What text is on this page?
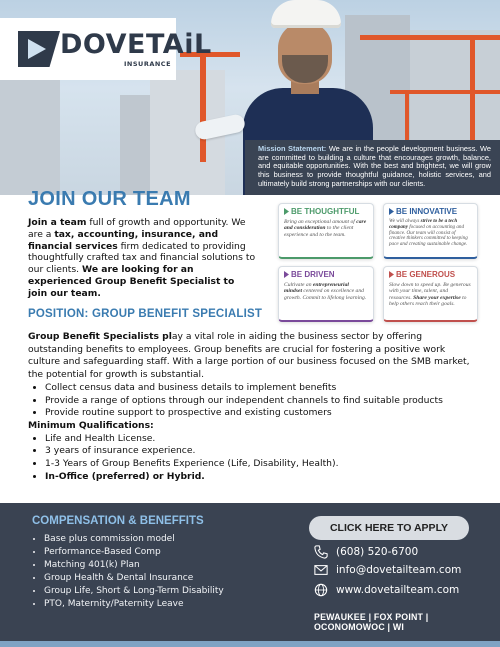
DOVETAiL
INSURANCE
Mission Statement: We are in the people development business. We are committed to building a culture that encourages growth, balance, and equitable opportunities. With the best and brightest, we will grow this business to provide thoughtful guidance, holistic services, and ultimately build strong partnerships with our clients.
JOIN OUR TEAM
Join a team full of growth and opportunity. We are a tax, accounting, insurance, and financial services firm dedicated to providing thoughtfully crafted tax and financial solutions to our clients. We are looking for an experienced Group Benefit Specialist to join our team.
BE THOUGHTFUL
Bring an exceptional amount of care and consideration to the client experience and to the team.
BE INNOVATIVE
We will always strive to be a tech company focused on accounting and finance. Our team will consist of creative thinkers committed to keeping pace and creating sustainable change.
BE DRIVEN
Cultivate an entrepreneurial mindset centered on excellence and growth. Commit to lifelong learning.
BE GENEROUS
Slow down to speed up. Be generous with your time, talent, and resources. Share your expertise to help others reach their goals.
POSITION: GROUP BENEFIT SPECIALIST

Group Benefit Specialists play a vital role in aiding the business sector by offering outstanding benefits to employees. Group benefits are crucial for fostering a positive work culture and safeguarding staff. With a large portion of our business focused on the SMB market, the potential for growth is substantial.

• Collect census data and business details to implement benefits
• Provide a range of options through our independent channels to find suitable products
• Provide routine support to prospective and existing customers
Minimum Qualifications:
• Life and Health License.
• 3 years of insurance experience.
• 1-3 Years of Group Benefits Experience (Life, Disability, Health).
• In-Office (preferred) or Hybrid.
COMPENSATION & BENEFFITS
• Base plus commission model
• Performance-Based Comp
• Matching 401(k) Plan
• Group Health & Dental Insurance
• Group Life, Short & Long-Term Disability
• PTO, Maternity/Paternity Leave
CLICK HERE TO APPLY
(608) 520-6700
info@dovetailteam.com
www.dovetailteam.com
PEWAUKEE | FOX POINT | OCONOMOWOC | WI
